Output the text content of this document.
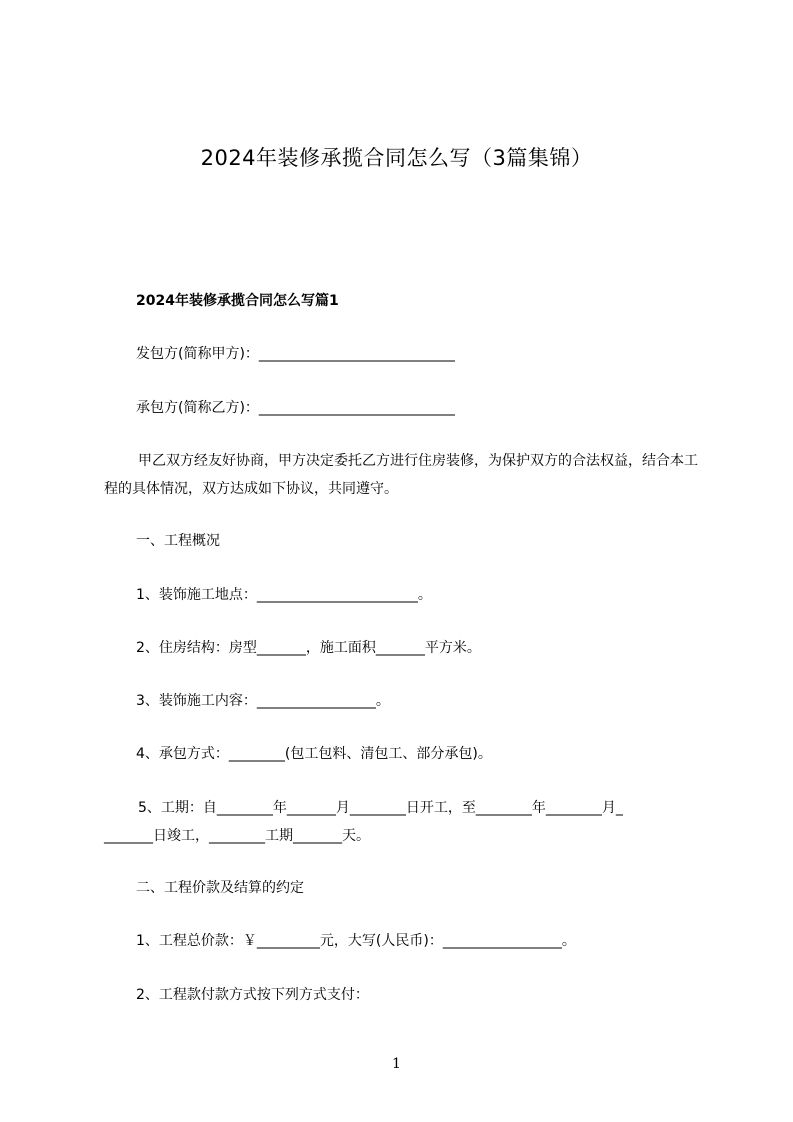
2024年装修承揽合同怎么写（3篇集锦）
2024年装修承揽合同怎么写篇1
发包方(简称甲方)：____________________________
承包方(简称乙方)：____________________________
甲乙双方经友好协商，甲方决定委托乙方进行住房装修，为保护双方的合法权益，结合本工程的具体情况，双方达成如下协议，共同遵守。
一、工程概况
1、装饰施工地点：_______________________。
2、住房结构：房型_______，施工面积_______平方米。
3、装饰施工内容：_________________。
4、承包方式：________(包工包料、清包工、部分承包)。
5、工期：自________年_______月________日开工，至________年________月_
_______日竣工，________工期_______天。
二、工程价款及结算的约定
1、工程总价款：￥_________元，大写(人民币)：_________________。
2、工程款付款方式按下列方式支付：
1
